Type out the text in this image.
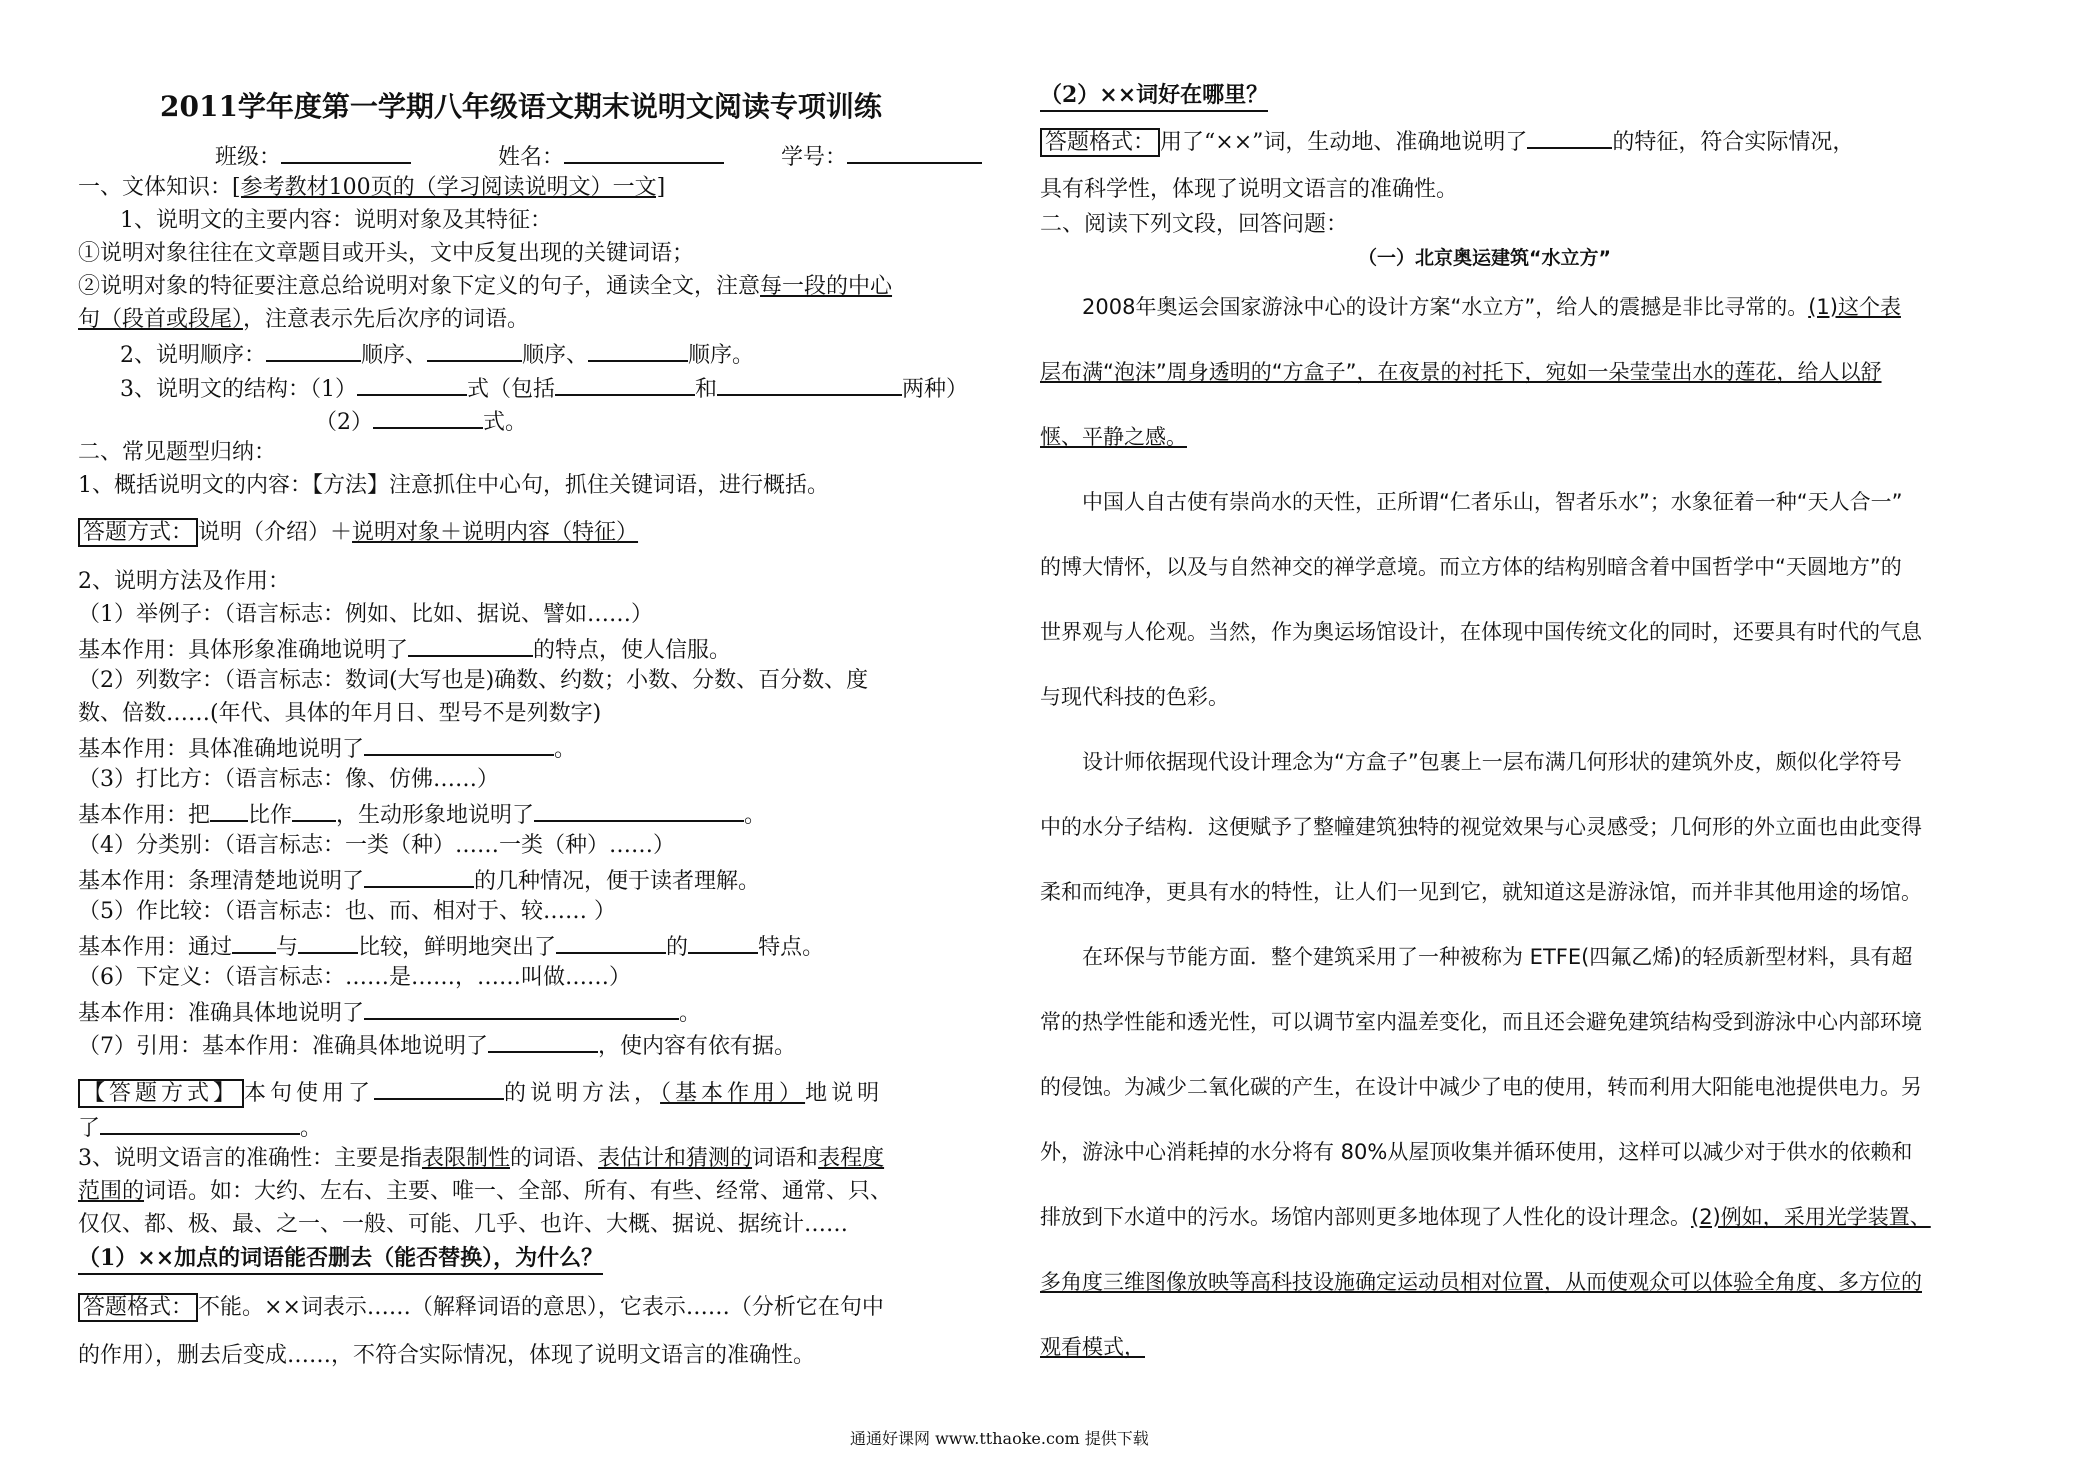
2011学年度第一学期八年级语文期末说明文阅读专项训练
班级：	姓名：	学号：
一、文体知识：[参考教材100页的（学习阅读说明文）一文]
1、说明文的主要内容：说明对象及其特征：
①说明对象往往在文章题目或开头，文中反复出现的关键词语；
②说明对象的特征要注意总给说明对象下定义的句子，通读全文，注意每一段的中心
句（段首或段尾），注意表示先后次序的词语。
2、说明顺序：	顺序、	顺序、	顺序。
3、说明文的结构：（1）	式（包括	和	两种）
（2）	式。
二、常见题型归纳：
1、概括说明文的内容：【方法】注意抓住中心句，抓住关键词语，进行概括。
答题方式： 说明（介绍）＋说明对象＋说明内容（特征）
2、说明方法及作用：
（1）举例子：（语言标志：例如、比如、据说、譬如……）
基本作用：具体形象准确地说明了	的特点，使人信服。
（2）列数字：（语言标志：数词(大写也是)确数、约数；小数、分数、百分数、度
数、倍数……(年代、具体的年月日、型号不是列数字)
基本作用：具体准确地说明了	。
（3）打比方：（语言标志：像、仿佛……）
基本作用：把 比作 ，生动形象地说明了	。
（4）分类别：（语言标志：一类（种）……一类（种）……）
基本作用：条理清楚地说明了	的几种情况，便于读者理解。
（5）作比较：（语言标志：也、而、相对于、较…… ）
基本作用：通过 与	比较，鲜明地突出了	的	特点。
（6）下定义：（语言标志：……是……，……叫做……）
基本作用：准确具体地说明了	。
（7）引用：基本作用：准确具体地说明了	，使内容有依有据。
【答题方式】 本句使用了	的说明方法，（基本作用）地说明
了	。
3、说明文语言的准确性：主要是指表限制性的词语、表估计和猜测的词语和表程度
范围的词语。如：大约、左右、主要、唯一、全部、所有、有些、经常、通常、只、
仅仅、都、极、最、之一、一般、可能、几乎、也许、大概、据说、据统计……
（1）××加点的词语能否删去（能否替换），为什么？
答题格式： 不能。××词表示……（解释词语的意思），它表示……（分析它在句中
的作用），删去后变成……，不符合实际情况，体现了说明文语言的准确性。
（2）××词好在哪里？
答题格式： 用了“××”词，生动地、准确地说明了	的特征，符合实际情况，
具有科学性，体现了说明文语言的准确性。
二、阅读下列文段，回答问题：
（一）北京奥运建筑“水立方”
2008年奥运会国家游泳中心的设计方案“水立方”，给人的震撼是非比寻常的。(1)这个表
层布满“泡沫”周身透明的“方盒子”，在夜景的衬托下，宛如一朵莹莹出水的莲花，给人以舒
惬、平静之感。
中国人自古使有崇尚水的天性，正所谓“仁者乐山，智者乐水”；水象征着一种“天人合一”
的博大情怀，以及与自然神交的禅学意境。而立方体的结构别暗含着中国哲学中“天圆地方”的
世界观与人伦观。当然，作为奥运场馆设计，在体现中国传统文化的同时，还要具有时代的气息
与现代科技的色彩。
设计师依据现代设计理念为“方盒子”包裹上一层布满几何形状的建筑外皮，颇似化学符号
中的水分子结构．这便赋予了整幢建筑独特的视觉效果与心灵感受；几何形的外立面也由此变得
柔和而纯净，更具有水的特性，让人们一见到它，就知道这是游泳馆，而并非其他用途的场馆。
在环保与节能方面．整个建筑采用了一种被称为 ETFE(四氟乙烯)的轻质新型材料，具有超
常的热学性能和透光性，可以调节室内温差变化，而且还会避免建筑结构受到游泳中心内部环境
的侵蚀。为减少二氧化碳的产生，在设计中减少了电的使用，转而利用大阳能电池提供电力。另
外，游泳中心消耗掉的水分将有 80%从屋顶收集并循环使用，这样可以减少对于供水的依赖和
排放到下水道中的污水。场馆内部则更多地体现了人性化的设计理念。(2)例如，采用光学装置、
多角度三维图像放映等高科技设施确定运动员相对位置，从而使观众可以体验全角度、多方位的
观看模式，
通通好课网 www.tthaoke.com 提供下载
